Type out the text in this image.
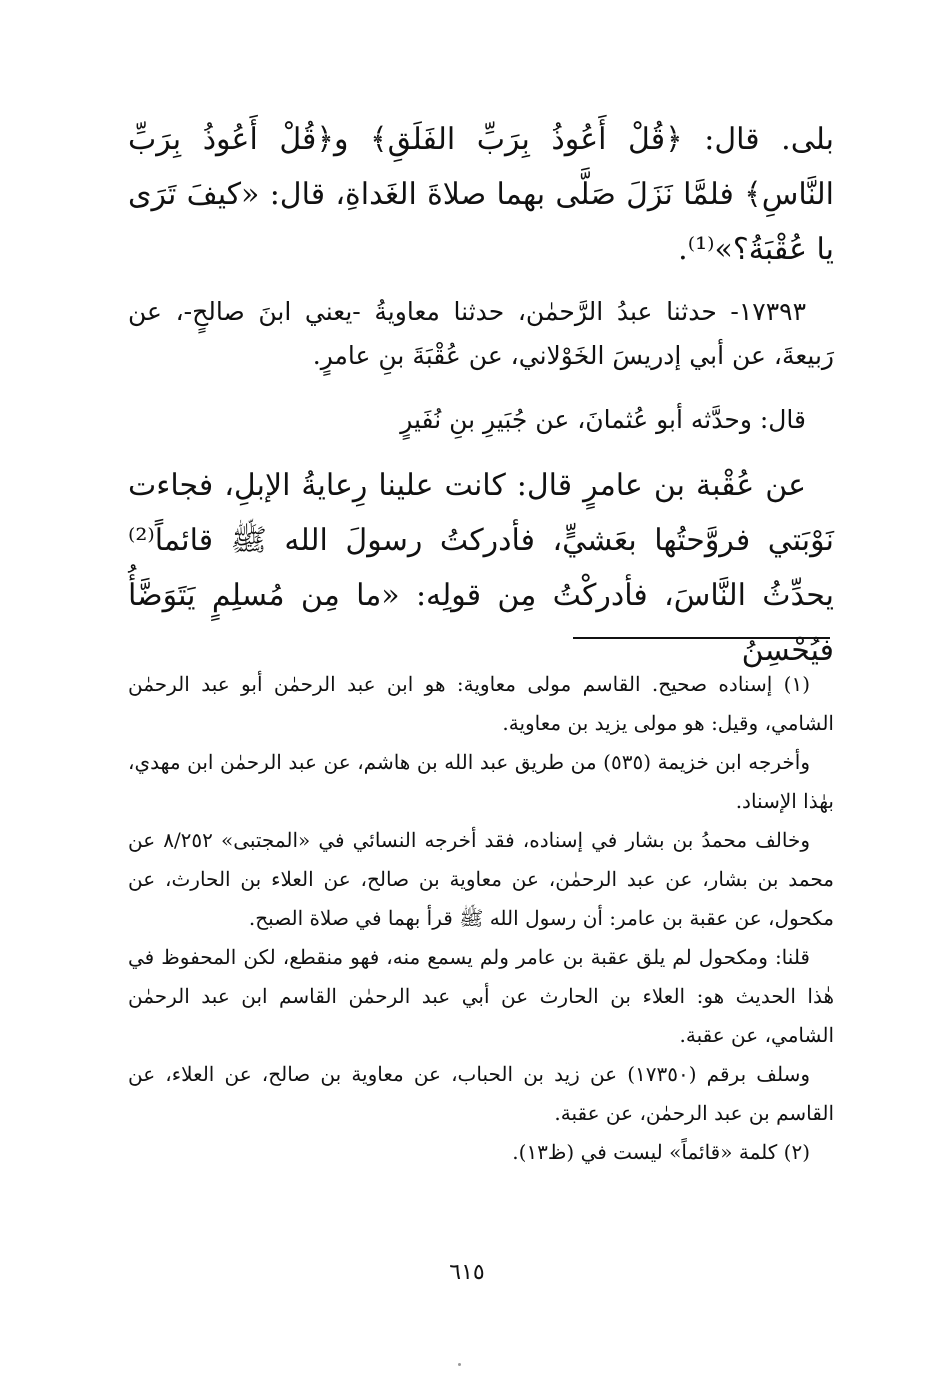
بلى. قال: ﴿قُلْ أَعُوذُ بِرَبِّ الفَلَقِ﴾ و﴿قُلْ أَعُوذُ بِرَبِّ النَّاسِ﴾ فلمَّا نَزَلَ صَلَّى بهما صلاةَ الغَداةِ، قال: «كيفَ تَرَى يا عُقْبَةُ؟»⁽¹⁾.

١٧٣٩٣- حدثنا عبدُ الرَّحمٰن، حدثنا معاويةُ -يعني ابنَ صالحٍ-، عن رَبيعةَ، عن أبي إدريسَ الخَوْلاني، عن عُقْبَةَ بنِ عامرٍ.

قال: وحدَّثه أبو عُثمانَ، عن جُبَيرِ بنِ نُفَيرٍ

عن عُقْبة بن عامرٍ قال: كانت علينا رِعايةُ الإبلِ، فجاءت نَوْبَتي فروَّحتُها بعَشيٍّ، فأدركتُ رسولَ الله ﷺ قائماً⁽²⁾ يحدِّثُ النَّاسَ، فأدركْتُ مِن قولِه: «ما مِن مُسلِمٍ يَتَوَضَّأُ فيُحْسِنُ

(١) إسناده صحيح. القاسم مولى معاوية: هو ابن عبد الرحمٰن أبو عبد الرحمٰن الشامي، وقيل: هو مولى يزيد بن معاوية.

وأخرجه ابن خزيمة (٥٣٥) من طريق عبد الله بن هاشم، عن عبد الرحمٰن ابن مهدي، بهٰذا الإسناد.

وخالف محمدُ بن بشار في إسناده، فقد أخرجه النسائي في «المجتبى» ٨/٢٥٢ عن محمد بن بشار، عن عبد الرحمٰن، عن معاوية بن صالح، عن العلاء بن الحارث، عن مكحول، عن عقبة بن عامر: أن رسول الله ﷺ قرأ بهما في صلاة الصبح.

قلنا: ومكحول لم يلق عقبة بن عامر ولم يسمع منه، فهو منقطع، لكن المحفوظ في هٰذا الحديث هو: العلاء بن الحارث عن أبي عبد الرحمٰن القاسم ابن عبد الرحمٰن الشامي، عن عقبة.

وسلف برقم (١٧٣٥٠) عن زيد بن الحباب، عن معاوية بن صالح، عن العلاء، عن القاسم بن عبد الرحمٰن، عن عقبة.

(٢) كلمة «قائماً» ليست في (ظ١٣).

٦١٥
